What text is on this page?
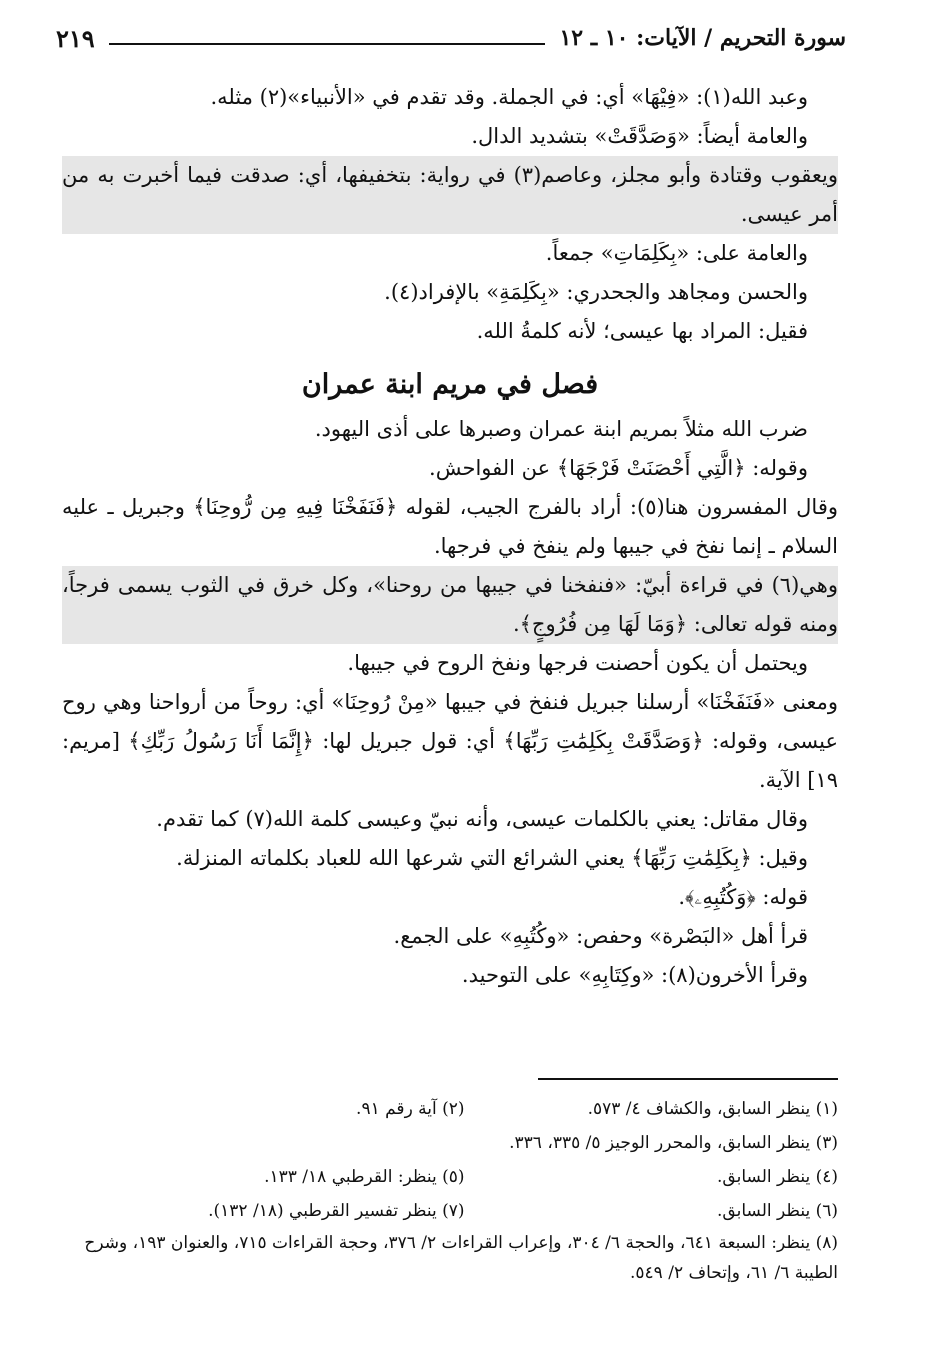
سورة التحريم / الآيات: ١٠ ـ ١٢
٢١٩

وعبد الله(١): «فِيْهَا» أي: في الجملة. وقد تقدم في «الأنبياء»(٢) مثله.

والعامة أيضاً: «وَصَدَّقَتْ» بتشديد الدال.

ويعقوب وقتادة وأبو مجلز، وعاصم(٣) في رواية: بتخفيفها، أي: صدقت فيما أخبرت به من أمر عيسى.

والعامة على: «بِكَلِمَاتِ» جمعاً.

والحسن ومجاهد والجحدري: «بِكَلِمَةِ» بالإفراد(٤).

فقيل: المراد بها عيسى؛ لأنه كلمةُ الله.

فصل في مريم ابنة عمران

ضرب الله مثلاً بمريم ابنة عمران وصبرها على أذى اليهود.

وقوله: ﴿الَّتِي أَحْصَنَتْ فَرْجَهَا﴾ عن الفواحش.

وقال المفسرون هنا(٥): أراد بالفرج الجيب، لقوله ﴿فَنَفَخْنَا فِيهِ مِن رُّوحِنَا﴾ وجبريل ـ عليه السلام ـ إنما نفخ في جيبها ولم ينفخ في فرجها.

وهي(٦) في قراءة أبيّ: «فنفخنا في جيبها من روحنا»، وكل خرق في الثوب يسمى فرجاً، ومنه قوله تعالى: ﴿وَمَا لَهَا مِن فُرُوجٍ﴾.

ويحتمل أن يكون أحصنت فرجها ونفخ الروح في جيبها.

ومعنى «فَنَفَخْنَا» أرسلنا جبريل فنفخ في جيبها «مِنْ رُوحِنَا» أي: روحاً من أرواحنا وهي روح عيسى، وقوله: ﴿وَصَدَّقَتْ بِكَلِمَٰتِ رَبِّهَا﴾ أي: قول جبريل لها: ﴿إِنَّمَا أَنَا رَسُولُ رَبِّكِ﴾ [مريم: ١٩] الآية.

وقال مقاتل: يعني بالكلمات عيسى، وأنه نبيّ وعيسى كلمة الله(٧) كما تقدم.

وقيل: ﴿بِكَلِمَٰتِ رَبِّهَا﴾ يعني الشرائع التي شرعها الله للعباد بكلماته المنزلة.

قوله: ﴿وَكُتُبِهِۦ﴾.

قرأ أهل «البَصْرة» وحفص: «وكُتُبِهِ» على الجمع.

وقرأ الأخرون(٨): «وكِتَابِهِ» على التوحيد.

(١) ينظر السابق، والكشاف ٤/ ٥٧٣.
(٢) آية رقم ٩١.
(٣) ينظر السابق، والمحرر الوجيز ٥/ ٣٣٥، ٣٣٦.
(٤) ينظر السابق.
(٥) ينظر: القرطبي ١٨/ ١٣٣.
(٦) ينظر السابق.
(٧) ينظر تفسير القرطبي (١٨/ ١٣٢).
(٨) ينظر: السبعة ٦٤١، والحجة ٦/ ٣٠٤، وإعراب القراءات ٢/ ٣٧٦، وحجة القراءات ٧١٥، والعنوان ١٩٣، وشرح الطيبة ٦/ ٦١، وإتحاف ٢/ ٥٤٩.
